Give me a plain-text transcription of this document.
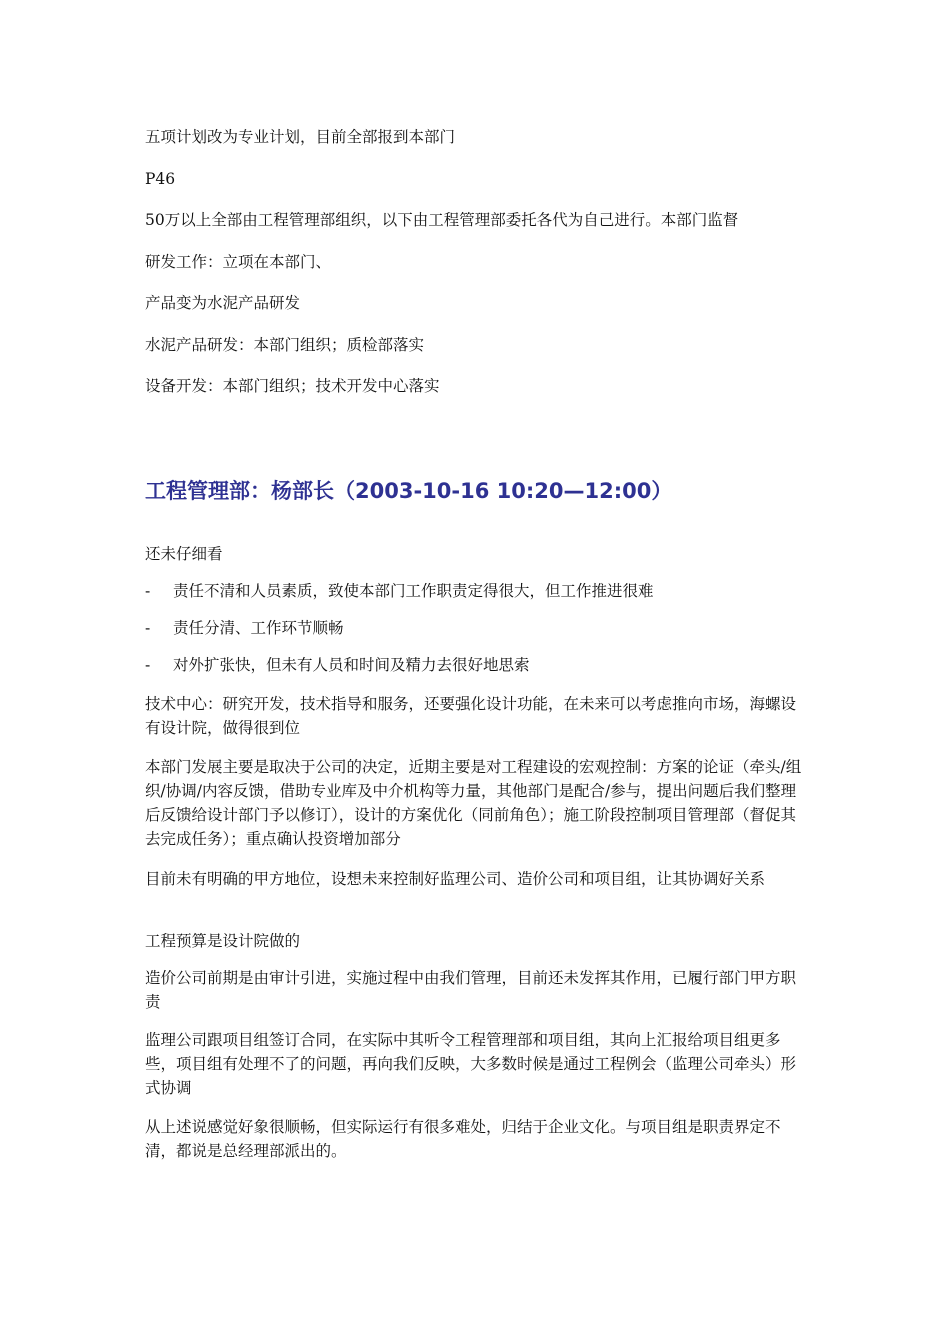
五项计划改为专业计划，目前全部报到本部门

P46

50万以上全部由工程管理部组织，以下由工程管理部委托各代为自己进行。本部门监督

研发工作：立项在本部门、

产品变为水泥产品研发

水泥产品研发：本部门组织；质检部落实

设备开发：本部门组织；技术开发中心落实

工程管理部：杨部长（2003-10-16 10:20—12:00）

还未仔细看

- 责任不清和人员素质，致使本部门工作职责定得很大，但工作推进很难

- 责任分清、工作环节顺畅

- 对外扩张快，但未有人员和时间及精力去很好地思索

技术中心：研究开发，技术指导和服务，还要强化设计功能，在未来可以考虑推向市场，海螺设有设计院，做得很到位

本部门发展主要是取决于公司的决定，近期主要是对工程建设的宏观控制：方案的论证（牵头/组织/协调/内容反馈，借助专业库及中介机构等力量，其他部门是配合/参与，提出问题后我们整理后反馈给设计部门予以修订），设计的方案优化（同前角色）；施工阶段控制项目管理部（督促其去完成任务）；重点确认投资增加部分

目前未有明确的甲方地位，设想未来控制好监理公司、造价公司和项目组，让其协调好关系

工程预算是设计院做的

造价公司前期是由审计引进，实施过程中由我们管理，目前还未发挥其作用，已履行部门甲方职责

监理公司跟项目组签订合同，在实际中其听令工程管理部和项目组，其向上汇报给项目组更多些，项目组有处理不了的问题，再向我们反映，大多数时候是通过工程例会（监理公司牵头）形式协调

从上述说感觉好象很顺畅，但实际运行有很多难处，归结于企业文化。与项目组是职责界定不清，都说是总经理部派出的。
